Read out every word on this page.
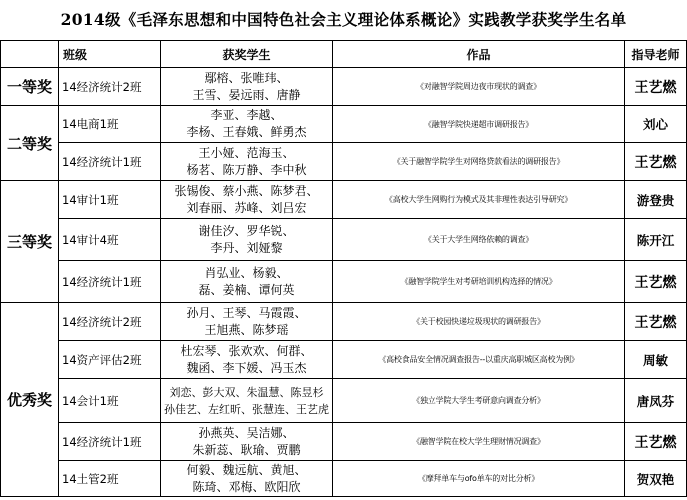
2014级《毛泽东思想和中国特色社会主义理论体系概论》实践教学获奖学生名单
	班级	获奖学生	作品	指导老师
一等奖	14经济统计2班	鄢榕、张唯玮、
王雪、晏远雨、唐静	《对融智学院周边夜市现状的调查》	王艺燃
二等奖	14电商1班	李亚、李越、
李杨、王春娥、鲜勇杰	《融智学院快递超市调研报告》	刘心
	14经济统计1班	王小娅、范海玉、
杨茗、陈万静、李中秋	《关于融智学院学生对网络贷款看法的调研报告》	王艺燃
三等奖	14审计1班	张锡俊、蔡小燕、陈梦君、
刘春丽、苏峰、刘吕宏	《高校大学生网购行为模式及其非理性表达引导研究》	游登贵
	14审计4班	谢佳汐、罗华锐、
李丹、刘娅黎	《关于大学生网络依赖的调查》	陈开江
	14经济统计1班	肖弘业、杨毅、
磊、姜楠、谭何英	《融智学院学生对考研培训机构选择的情况》	王艺燃
优秀奖	14经济统计2班	孙月、王琴、马霞霞、
王旭燕、陈梦瑶	《关于校园快递垃圾现状的调研报告》	王艺燃
	14资产评估2班	杜宏琴、张欢欢、何群、
魏函、李下媛、冯玉杰	《高校食品安全情况调查报告--以重庆高职城区高校为例》	周敏
	14会计1班	刘恋、彭大双、朱温慧、陈昱杉
孙佳艺、左红昕、张慧连、王艺虎	《独立学院大学生考研意向调查分析》	唐凤芬
	14经济统计1班	孙燕英、吴洁娜、
朱新蕊、耿瑜、贾鹏	《融智学院在校大学生理财情况调查》	王艺燃
	14土管2班	何毅、魏远航、黄旭、
陈琦、邓梅、欧阳欣	《摩拜单车与ofo单车的对比分析》	贺双艳
